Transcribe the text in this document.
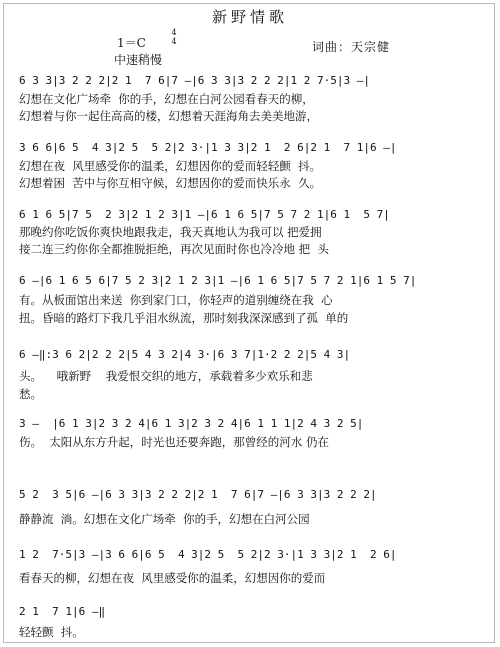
新野情歌
1＝C
4
4
中速稍慢
词曲：天宗健
6 3 3|3 2 2 2|2 1  7 6|7 —|6 3 3|3 2 2 2|1 2 7·5|3 —|
幻想在文化广场牵  你的手，幻想在白河公园看春天的柳，
幻想着与你一起住高高的楼，幻想着天涯海角去美美地游，
3 6 6|6 5  4 3|2 5  5 2|2 3·|1 3 3|2 1  2 6|2 1  7 1|6 —|
幻想在夜  风里感受你的温柔，幻想因你的爱而轻轻颤  抖。
幻想着困  苦中与你互相守候，幻想因你的爱而快乐永  久。
6 1 6 5|7 5  2 3|2 1 2 3|1 —|6 1 6 5|7 5 7 2 1|6 1  5 7|
那晚约你吃饭你爽快地跟我走，我天真地认为我可以 把爱拥
接二连三约你你全都推脱拒绝，再次见面时你也冷冷地 把  头
6 —|6 1 6 5 6|7 5 2 3|2 1 2 3|1 —|6 1 6 5|7 5 7 2 1|6 1 5 7|
有。从板面馆出来送  你到家门口，你轻声的道别缠绕在我  心
扭。昏暗的路灯下我几乎泪水纵流，那时刻我深深感到了孤  单的
6 —‖:3 6 2|2 2 2|5 4 3 2|4 3·|6 3 7|1·2 2 2|5 4 3|
头。    哦新野    我爱恨交织的地方，承载着多少欢乐和悲
愁。
3 —  |6 1 3|2 3 2 4|6 1 3|2 3 2 4|6 1 1 1|2 4 3 2 5|
伤。  太阳从东方升起，时光也还要奔跑，那曾经的河水 仍在
5 2  3 5|6 —|6 3 3|3 2 2 2|2 1  7 6|7 —|6 3 3|3 2 2 2|
静静流  淌。幻想在文化广场牵  你的手，幻想在白河公园
1 2  7·5|3 —|3 6 6|6 5  4 3|2 5  5 2|2 3·|1 3 3|2 1  2 6|
看春天的柳，幻想在夜  风里感受你的温柔，幻想因你的爱而
2 1  7 1|6 —‖
轻轻颤  抖。
